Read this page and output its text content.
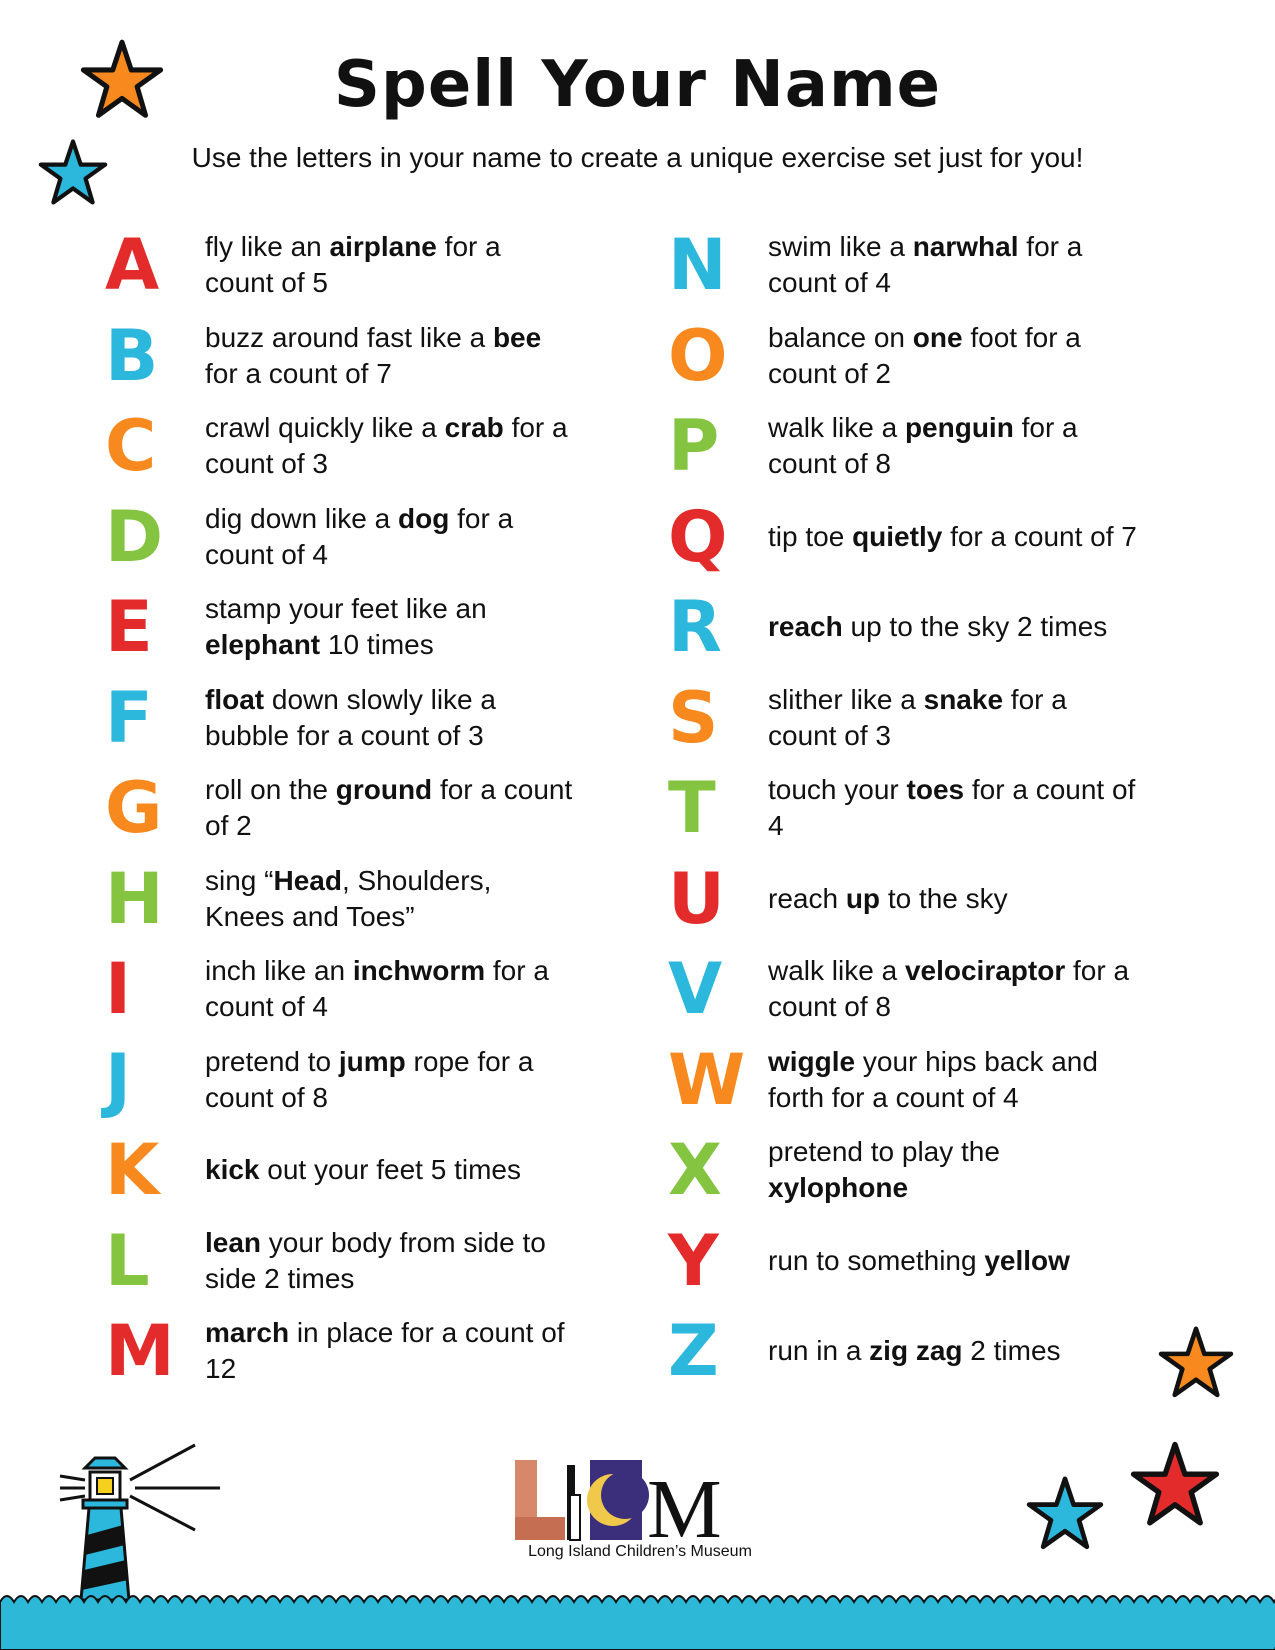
Spell Your Name

Use the letters in your name to create a unique exercise set just for you!

A	fly like an airplane for a count of 5
B	buzz around fast like a bee for a count of 7
C	crawl quickly like a crab for a count of 3
D	dig down like a dog for a count of 4
E	stamp your feet like an elephant 10 times
F	float down slowly like a bubble for a count of 3
G	roll on the ground for a count of 2
H	sing “Head, Shoulders, Knees and Toes”
I	inch like an inchworm for a count of 4
J	pretend to jump rope for a count of 8
K	kick out your feet 5 times
L	lean your body from side to side 2 times
M	march in place for a count of 12
N	swim like a narwhal for a count of 4
O	balance on one foot for a count of 2
P	walk like a penguin for a count of 8
Q	tip toe quietly for a count of 7
R	reach up to the sky 2 times
S	slither like a snake for a count of 3
T	touch your toes for a count of 4
U	reach up to the sky
V	walk like a velociraptor for a count of 8
W wiggle your hips back and forth for a count of 4
X	pretend to play the xylophone
Y	run to something yellow
Z	run in a zig zag 2 times
M
Long Island Children’s Museum
